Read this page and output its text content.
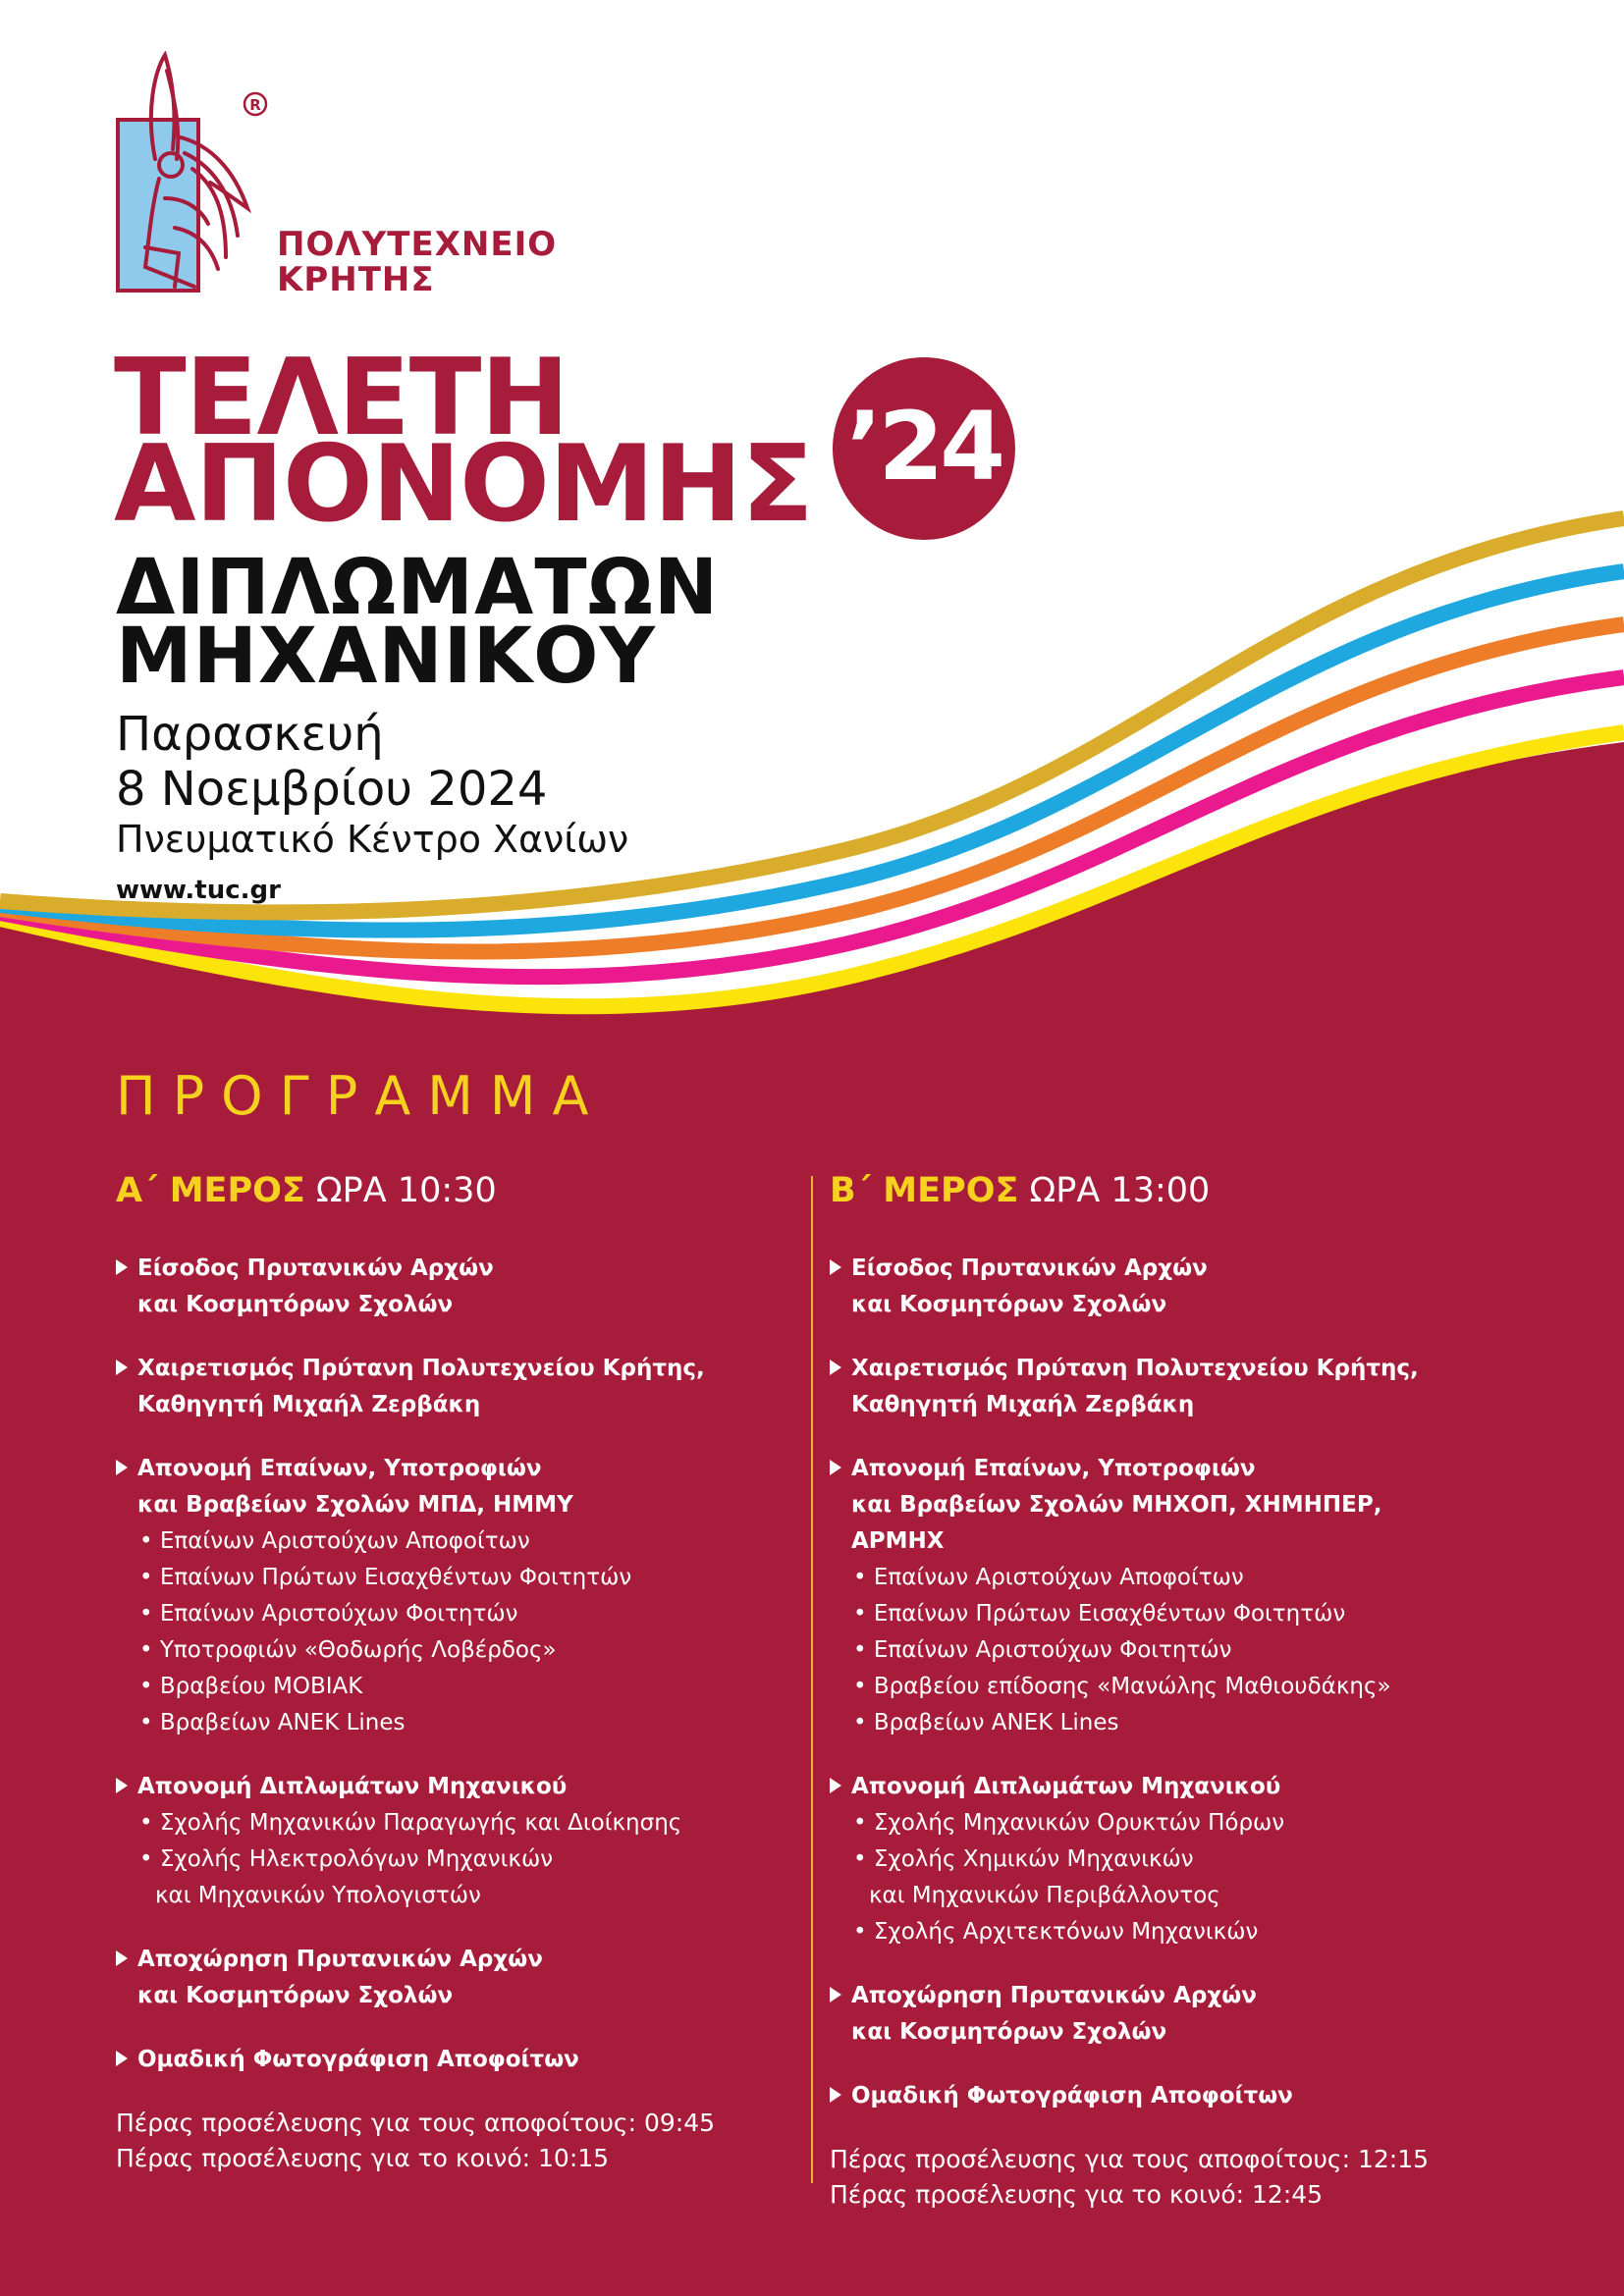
R
ΠΟΛΥΤΕΧΝΕΙΟ
ΚΡΗΤΗΣ
ΤΕΛΕΤΗ
ΑΠΟΝΟΜΗΣ ’24
ΔΙΠΛΩΜΑΤΩΝ
ΜΗΧΑΝΙΚΟΥ
Παρασκευή
8 Νοεμβρίου 2024
Πνευματικό Κέντρο Χανίων
www.tuc.gr
ΠΡΟΓΡΑΜΜΑ
Α΄ ΜΕΡΟΣ ΩΡΑ 10:30
Είσοδος Πρυτανικών Αρχών
και Κοσμητόρων Σχολών
Χαιρετισμός Πρύτανη Πολυτεχνείου Κρήτης,
Καθηγητή Μιχαήλ Ζερβάκη
Απονομή Επαίνων, Υποτροφιών
και Βραβείων Σχολών ΜΠΔ, ΗΜΜΥ
• Επαίνων Αριστούχων Αποφοίτων
• Επαίνων Πρώτων Εισαχθέντων Φοιτητών
• Επαίνων Αριστούχων Φοιτητών
• Υποτροφιών «Θοδωρής Λοβέρδος»
• Βραβείου MOBIAK
• Βραβείων ANEK Lines
Απονομή Διπλωμάτων Μηχανικού
• Σχολής Μηχανικών Παραγωγής και Διοίκησης
• Σχολής Ηλεκτρολόγων Μηχανικών
και Μηχανικών Υπολογιστών
Αποχώρηση Πρυτανικών Αρχών
και Κοσμητόρων Σχολών
Ομαδική Φωτογράφιση Αποφοίτων
Πέρας προσέλευσης για τους αποφοίτους: 09:45
Πέρας προσέλευσης για το κοινό: 10:15
Β΄ ΜΕΡΟΣ ΩΡΑ 13:00
Είσοδος Πρυτανικών Αρχών
και Κοσμητόρων Σχολών
Χαιρετισμός Πρύτανη Πολυτεχνείου Κρήτης,
Καθηγητή Μιχαήλ Ζερβάκη
Απονομή Επαίνων, Υποτροφιών
και Βραβείων Σχολών ΜΗΧΟΠ, ΧΗΜΗΠΕΡ, ΑΡΜΗΧ
• Επαίνων Αριστούχων Αποφοίτων
• Επαίνων Πρώτων Εισαχθέντων Φοιτητών
• Επαίνων Αριστούχων Φοιτητών
• Βραβείου επίδοσης «Μανώλης Μαθιουδάκης»
• Βραβείων ANEK Lines
Απονομή Διπλωμάτων Μηχανικού
• Σχολής Μηχανικών Ορυκτών Πόρων
• Σχολής Χημικών Μηχανικών
και Μηχανικών Περιβάλλοντος
• Σχολής Αρχιτεκτόνων Μηχανικών
Αποχώρηση Πρυτανικών Αρχών
και Κοσμητόρων Σχολών
Ομαδική Φωτογράφιση Αποφοίτων
Πέρας προσέλευσης για τους αποφοίτους: 12:15
Πέρας προσέλευσης για το κοινό: 12:45
